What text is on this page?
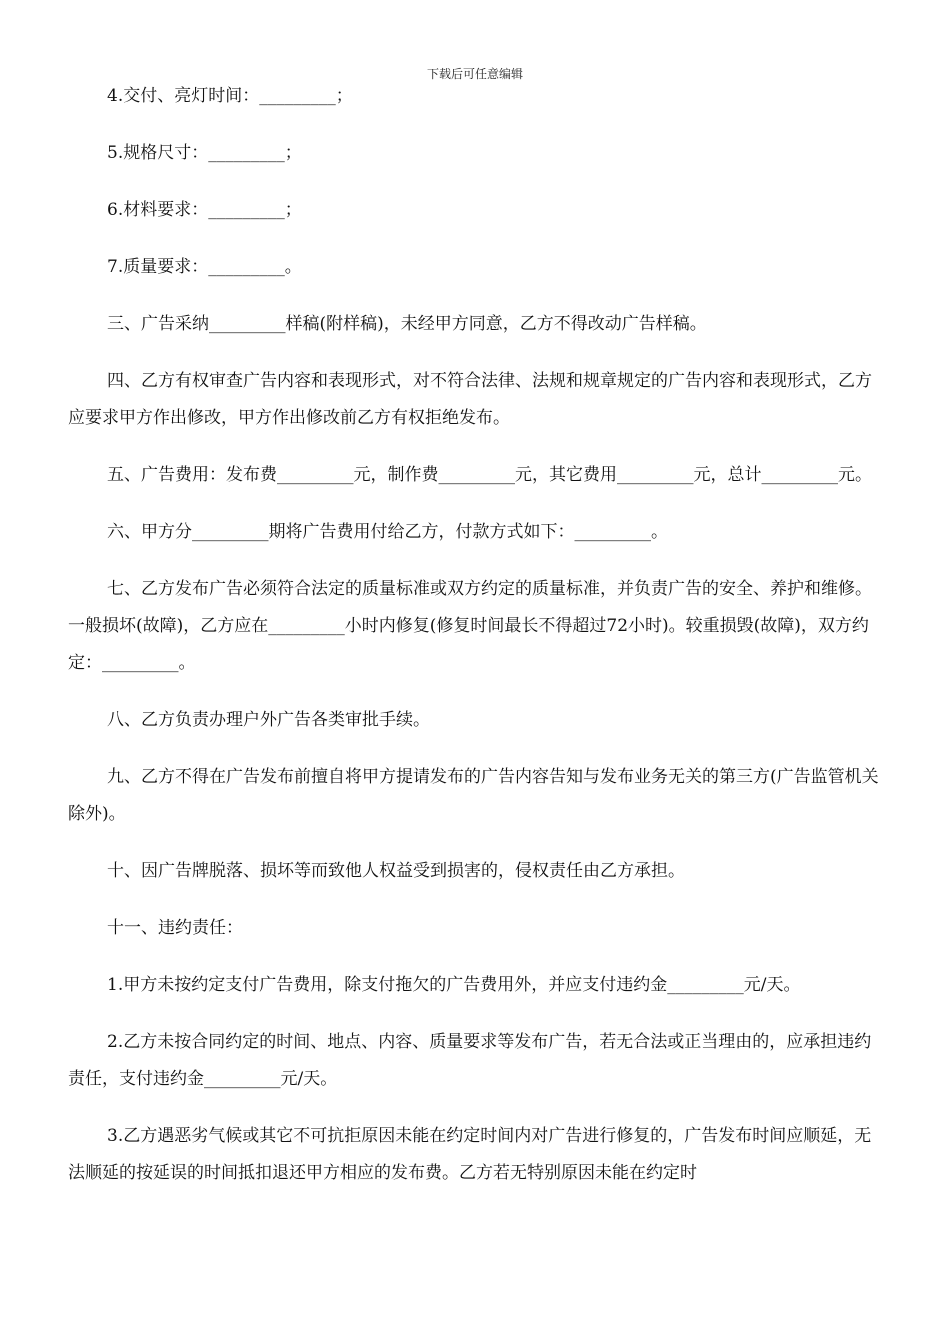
下载后可任意编辑

4.交付、亮灯时间：_________；

5.规格尺寸：_________；

6.材料要求：_________；

7.质量要求：_________。

三、广告采纳_________样稿(附样稿)，未经甲方同意，乙方不得改动广告样稿。

四、乙方有权审查广告内容和表现形式，对不符合法律、法规和规章规定的广告内容和表现形式，乙方应要求甲方作出修改，甲方作出修改前乙方有权拒绝发布。

五、广告费用：发布费_________元，制作费_________元，其它费用_________元，总计_________元。

六、甲方分_________期将广告费用付给乙方，付款方式如下：_________。

七、乙方发布广告必须符合法定的质量标准或双方约定的质量标准，并负责广告的安全、养护和维修。一般损坏(故障)，乙方应在_________小时内修复(修复时间最长不得超过72小时)。较重损毁(故障)，双方约定：_________。

八、乙方负责办理户外广告各类审批手续。

九、乙方不得在广告发布前擅自将甲方提请发布的广告内容告知与发布业务无关的第三方(广告监管机关除外)。

十、因广告牌脱落、损坏等而致他人权益受到损害的，侵权责任由乙方承担。

十一、违约责任：

1.甲方未按约定支付广告费用，除支付拖欠的广告费用外，并应支付违约金_________元/天。

2.乙方未按合同约定的时间、地点、内容、质量要求等发布广告，若无合法或正当理由的，应承担违约责任，支付违约金_________元/天。

3.乙方遇恶劣气候或其它不可抗拒原因未能在约定时间内对广告进行修复的，广告发布时间应顺延，无法顺延的按延误的时间抵扣退还甲方相应的发布费。乙方若无特别原因未能在约定时
